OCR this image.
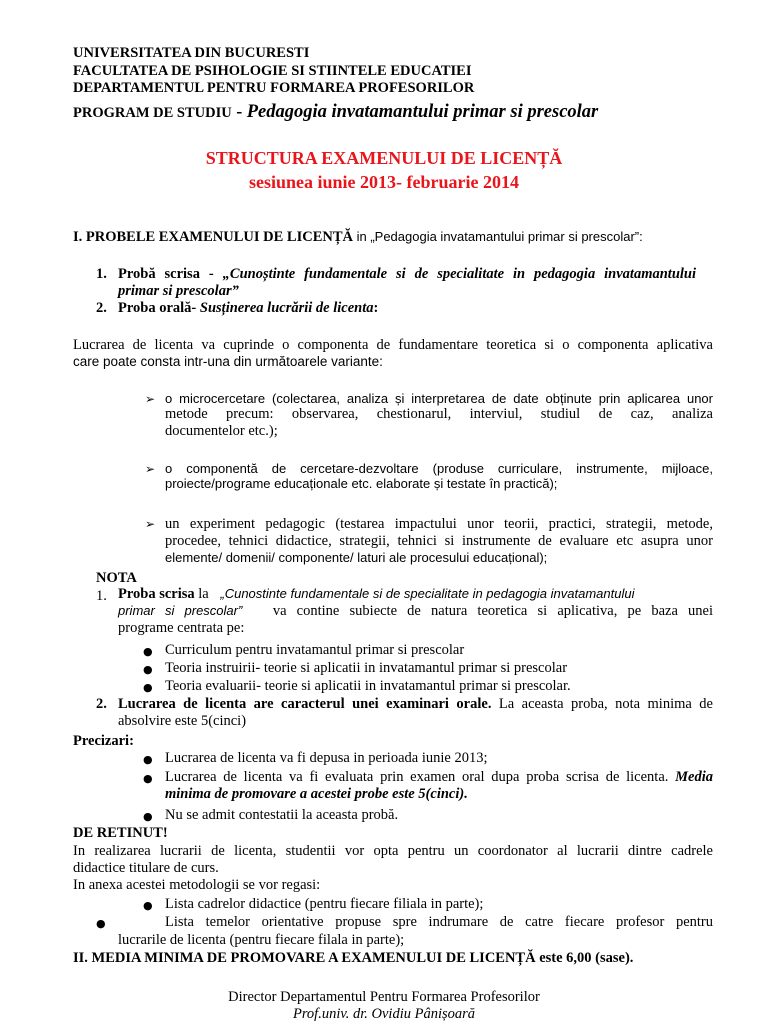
UNIVERSITATEA DIN BUCURESTI
FACULTATEA DE PSIHOLOGIE SI STIINTELE EDUCATIEI
DEPARTAMENTUL PENTRU FORMAREA PROFESORILOR
PROGRAM DE STUDIU - Pedagogia invatamantului primar si prescolar
STRUCTURA EXAMENULUI DE LICENȚĂ
sesiunea iunie 2013- februarie 2014
I. PROBELE EXAMENULUI DE LICENȚĂ in „Pedagogia invatamantului primar si prescolar”:
1. Probă scrisa - „Cunoștinte fundamentale si de specialitate in pedagogia invatamantului
primar si prescolar”
2. Proba orală- Susținerea lucrării de licenta:
Lucrarea de licenta va cuprinde o componenta de fundamentare teoretica si o componenta aplicativa
care poate consta intr-una din următoarele variante:
➢ o microcercetare (colectarea, analiza și interpretarea de date obținute prin aplicarea unor
metode precum: observarea, chestionarul, interviul, studiul de caz, analiza
documentelor etc.);
➢ o componentă de cercetare-dezvoltare (produse curriculare, instrumente, mijloace,
proiecte/programe educaționale etc. elaborate și testate în practică);
➢ un experiment pedagogic (testarea impactului unor teorii, practici, strategii, metode,
procedee, tehnici didactice, strategii, tehnici si instrumente de evaluare etc asupra unor
elemente/ domenii/ componente/ laturi ale procesului educațional);
NOTA
1. Proba scrisa la „Cunostinte fundamentale si de specialitate in pedagogia invatamantului
primar si prescolar” va contine subiecte de natura teoretica si aplicativa, pe baza unei
programe centrata pe:
● Curriculum pentru invatamantul primar si prescolar
● Teoria instruirii- teorie si aplicatii in invatamantul primar si prescolar
● Teoria evaluarii- teorie si aplicatii in invatamantul primar si prescolar.
2. Lucrarea de licenta are caracterul unei examinari orale. La aceasta proba, nota minima de
absolvire este 5(cinci)
Precizari:
● Lucrarea de licenta va fi depusa in perioada iunie 2013;
● Lucrarea de licenta va fi evaluata prin examen oral dupa proba scrisa de licenta. Media
minima de promovare a acestei probe este 5(cinci).
● Nu se admit contestatii la aceasta probă.
DE RETINUT!
In realizarea lucrarii de licenta, studentii vor opta pentru un coordonator al lucrarii dintre cadrele
didactice titulare de curs.
In anexa acestei metodologii se vor regasi:
● Lista cadrelor didactice (pentru fiecare filiala in parte);
●	Lista temelor orientative propuse spre indrumare de catre fiecare profesor pentru
lucrarile de licenta (pentru fiecare filala in parte);
II. MEDIA MINIMA DE PROMOVARE A EXAMENULUI DE LICENȚĂ este 6,00 (sase).
Director Departamentul Pentru Formarea Profesorilor
Prof.univ. dr. Ovidiu Pânișoară
